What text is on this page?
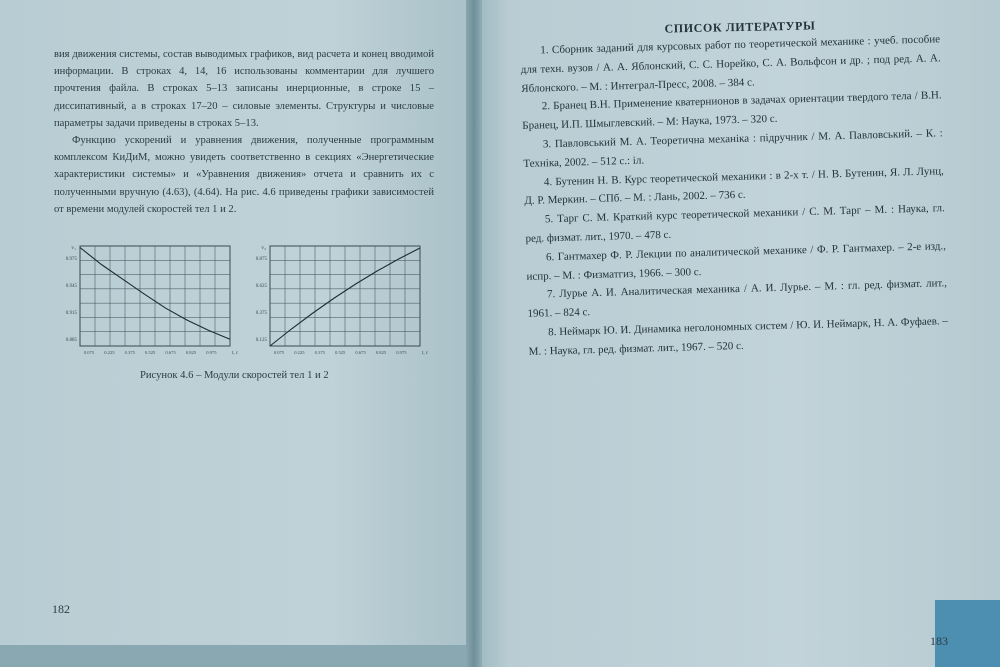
вия движения системы, состав выводимых графиков, вид расчета и конец вводимой информации. В строках 4, 14, 16 использованы комментарии для лучшего прочтения файла. В строках 5–13 записаны инерционные, в строке 15 – диссипативный, а в строках 17–20 – силовые элементы. Структуры и числовые параметры задачи приведены в строках 5–13.

Функцию ускорений и уравнения движения, полученные программным комплексом КиДиМ, можно увидеть соответственно в секциях «Энергетические характеристики системы» и «Уравнения движения» отчета и сравнить их с полученными вручную (4.63), (4.64). На рис. 4.6 приведены графики зависимостей от времени модулей скоростей тел 1 и 2.

0.975
0.945
0.915
0.885
0.075 0.225 0.375 0.525 0.675 0.825 0.975
v₁
t, c
0.875
0.625
0.375
0.125
0.075 0.225 0.375 0.525 0.675 0.825 0.975
v₂
t, c
Рисунок 4.6 – Модули скоростей тел 1 и 2
182
СПИСОК ЛИТЕРАТУРЫ

1. Сборник заданий для курсовых работ по теоретической механике : учеб. пособие для техн. вузов / А. А. Яблонский, С. С. Норейко, С. А. Вольфсон и др. ; под ред. А. А. Яблонского. – М. : Интеграл-Пресс, 2008. – 384 с.

2. Бранец В.Н. Применение кватернионов в задачах ориентации твердого тела / В.Н. Бранец, И.П. Шмыглевский. – М: Наука, 1973. – 320 с.

3. Павловський М. А. Теоретична механіка : підручник / М. А. Павловський. – К. : Техніка, 2002. – 512 с.: іл.

4. Бутенин Н. В. Курс теоретической механики : в 2-х т. / Н. В. Бутенин, Я. Л. Лунц, Д. Р. Меркин. – СПб. – М. : Лань, 2002. – 736 с.

5. Тарг С. М. Краткий курс теоретической механики / С. М. Тарг – М. : Наука, гл. ред. физмат. лит., 1970. – 478 с.

6. Гантмахер Ф. Р. Лекции по аналитической механике / Ф. Р. Гантмахер. – 2-е изд., испр. – М. : Физматгиз, 1966. – 300 с.

7. Лурье А. И. Аналитическая механика / А. И. Лурье. – М. : гл. ред. физмат. лит., 1961. – 824 с.

8. Неймарк Ю. И. Динамика неголономных систем / Ю. И. Неймарк, Н. А. Фуфаев. – М. : Наука, гл. ред. физмат. лит., 1967. – 520 с.

183
